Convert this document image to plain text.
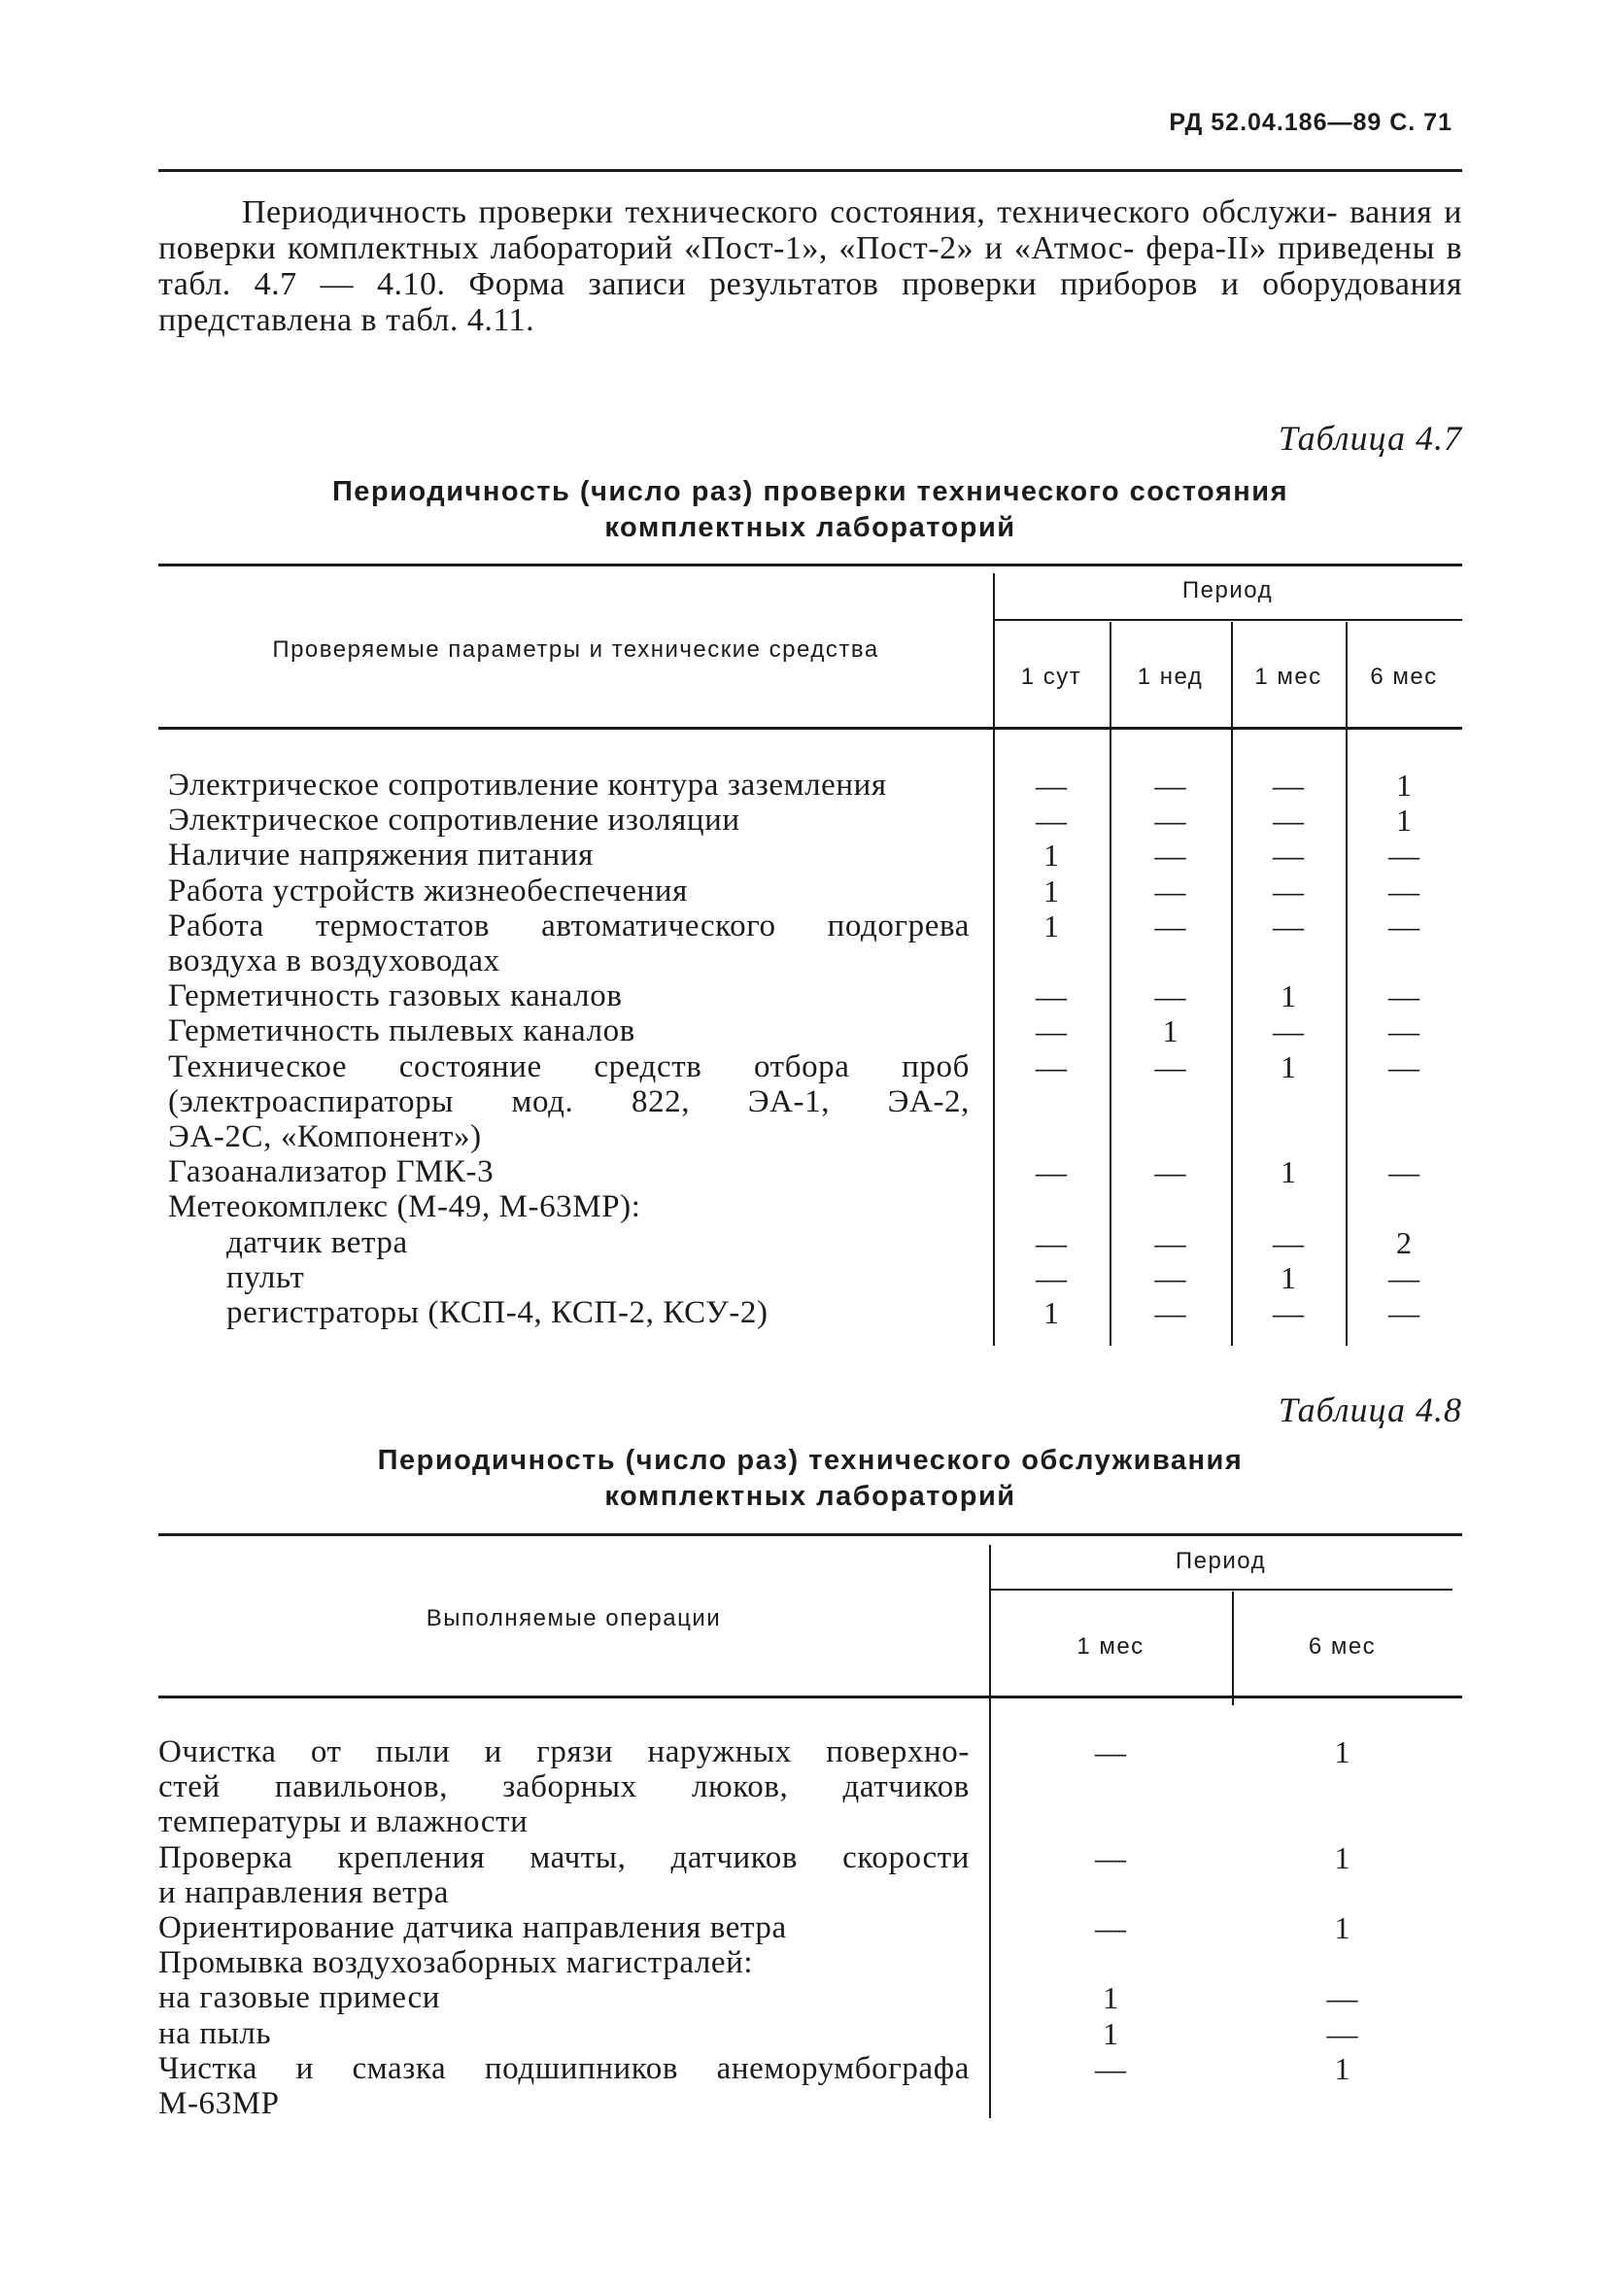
РД 52.04.186—89 С. 71
Периодичность проверки технического состояния, технического обслужи- вания и поверки комплектных лабораторий «Пост-1», «Пост-2» и «Атмос- фера-II» приведены в табл. 4.7 — 4.10. Форма записи результатов проверки приборов и оборудования представлена в табл. 4.11.
Таблица 4.7
Периодичность (число раз) проверки технического состояния
комплектных лабораторий
Проверяемые параметры и технические средства
Период
1 сут	1 нед	1 мес	6 мес
Электрическое сопротивление контура заземления	—	—	—	1
Электрическое сопротивление изоляции	—	—	—	1
Наличие напряжения питания	1	—	—	—
Работа устройств жизнеобеспечения	1	—	—	—
Работа термостатов автоматического подогрева
воздуха в воздуховодах
1	—	—	—
Герметичность газовых каналов	—	—	1	—
Герметичность пылевых каналов	—	1	—	—
Техническое состояние средств отбора проб
(электроаспираторы мод. 822, ЭА-1, ЭА-2,
ЭА-2С, «Компонент»)
—	—	1	—
Газоанализатор ГМК-3	—	—	1	—
Метеокомплекс (М-49, М-63МР):
датчик ветра	—	—	—	2
пульт	—	—	1	—
регистраторы (КСП-4, КСП-2, КСУ-2)	1	—	—	—
Таблица 4.8
Периодичность (число раз) технического обслуживания
комплектных лабораторий
Выполняемые операции
Период
1 мес	6 мес
Очистка от пыли и грязи наружных поверхно-
стей павильонов, заборных люков, датчиков
температуры и влажности
—	1
Проверка крепления мачты, датчиков скорости
и направления ветра
—	1
Ориентирование датчика направления ветра	—	1
Промывка воздухозаборных магистралей:
на газовые примеси	1	—
на пыль	1	—
Чистка и смазка подшипников анеморумбографа
М-63МР
—	1
